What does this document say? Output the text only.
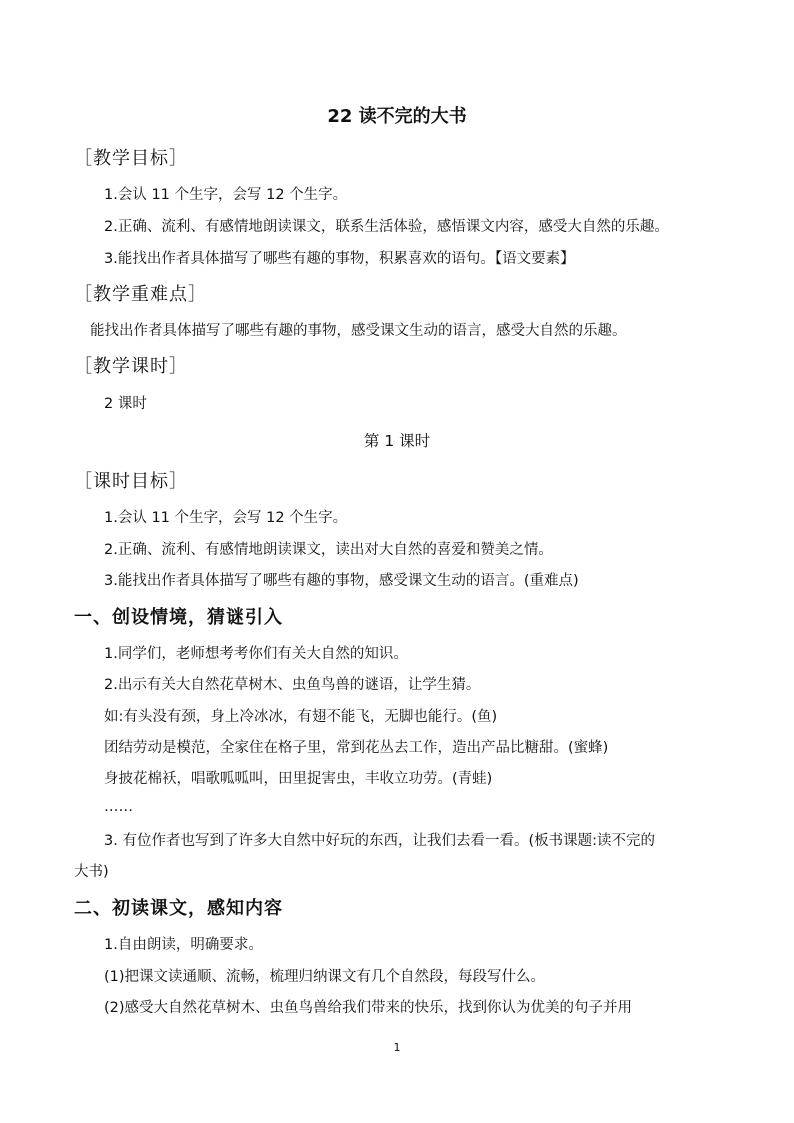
22 读不完的大书
［教学目标］
1.会认 11 个生字，会写 12 个生字。
2.正确、流利、有感情地朗读课文，联系生活体验，感悟课文内容，感受大自然的乐趣。
3.能找出作者具体描写了哪些有趣的事物，积累喜欢的语句。【语文要素】
［教学重难点］
能找出作者具体描写了哪些有趣的事物，感受课文生动的语言，感受大自然的乐趣。
［教学课时］
2 课时
第 1 课时
［课时目标］
1.会认 11 个生字，会写 12 个生字。
2.正确、流利、有感情地朗读课文，读出对大自然的喜爱和赞美之情。
3.能找出作者具体描写了哪些有趣的事物，感受课文生动的语言。(重难点)
一、创设情境，猜谜引入
1.同学们，老师想考考你们有关大自然的知识。
2.出示有关大自然花草树木、虫鱼鸟兽的谜语，让学生猜。
如:有头没有颈，身上冷冰冰，有翅不能飞，无脚也能行。(鱼)
团结劳动是模范，全家住在格子里，常到花丛去工作，造出产品比糖甜。(蜜蜂)
身披花棉袄，唱歌呱呱叫，田里捉害虫，丰收立功劳。(青蛙)
……
3. 有位作者也写到了许多大自然中好玩的东西，让我们去看一看。(板书课题:读不完的
大书)
二、初读课文，感知内容
1.自由朗读，明确要求。
(1)把课文读通顺、流畅，梳理归纳课文有几个自然段，每段写什么。
(2)感受大自然花草树木、虫鱼鸟兽给我们带来的快乐，找到你认为优美的句子并用
1
